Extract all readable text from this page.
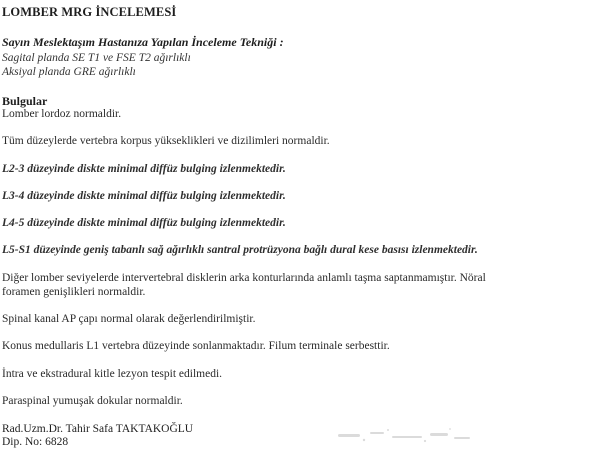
LOMBER MRG İNCELEMESİ
Sayın Meslektaşım Hastanıza Yapılan İnceleme Tekniği :
Sagital planda SE T1 ve FSE T2 ağırlıklı
Aksiyal planda GRE ağırlıklı
Bulgular
Lomber lordoz normaldir.
Tüm düzeylerde vertebra korpus yükseklikleri ve dizilimleri normaldir.
L2-3 düzeyinde diskte minimal diffüz bulging izlenmektedir.
L3-4 düzeyinde diskte minimal diffüz bulging izlenmektedir.
L4-5 düzeyinde diskte minimal diffüz bulging izlenmektedir.
L5-S1 düzeyinde geniş tabanlı sağ ağırlıklı santral protrüzyona bağlı dural kese basısı izlenmektedir.
Diğer lomber seviyelerde intervertebral disklerin arka konturlarında anlamlı taşma saptanmamıştır. Nöral
foramen genişlikleri normaldir.
Spinal kanal AP çapı normal olarak değerlendirilmiştir.
Konus medullaris L1 vertebra düzeyinde sonlanmaktadır. Filum terminale serbesttir.
İntra ve ekstradural kitle lezyon tespit edilmedi.
Paraspinal yumuşak dokular normaldir.
Rad.Uzm.Dr. Tahir Safa TAKTAKOĞLU
Dip. No: 6828
